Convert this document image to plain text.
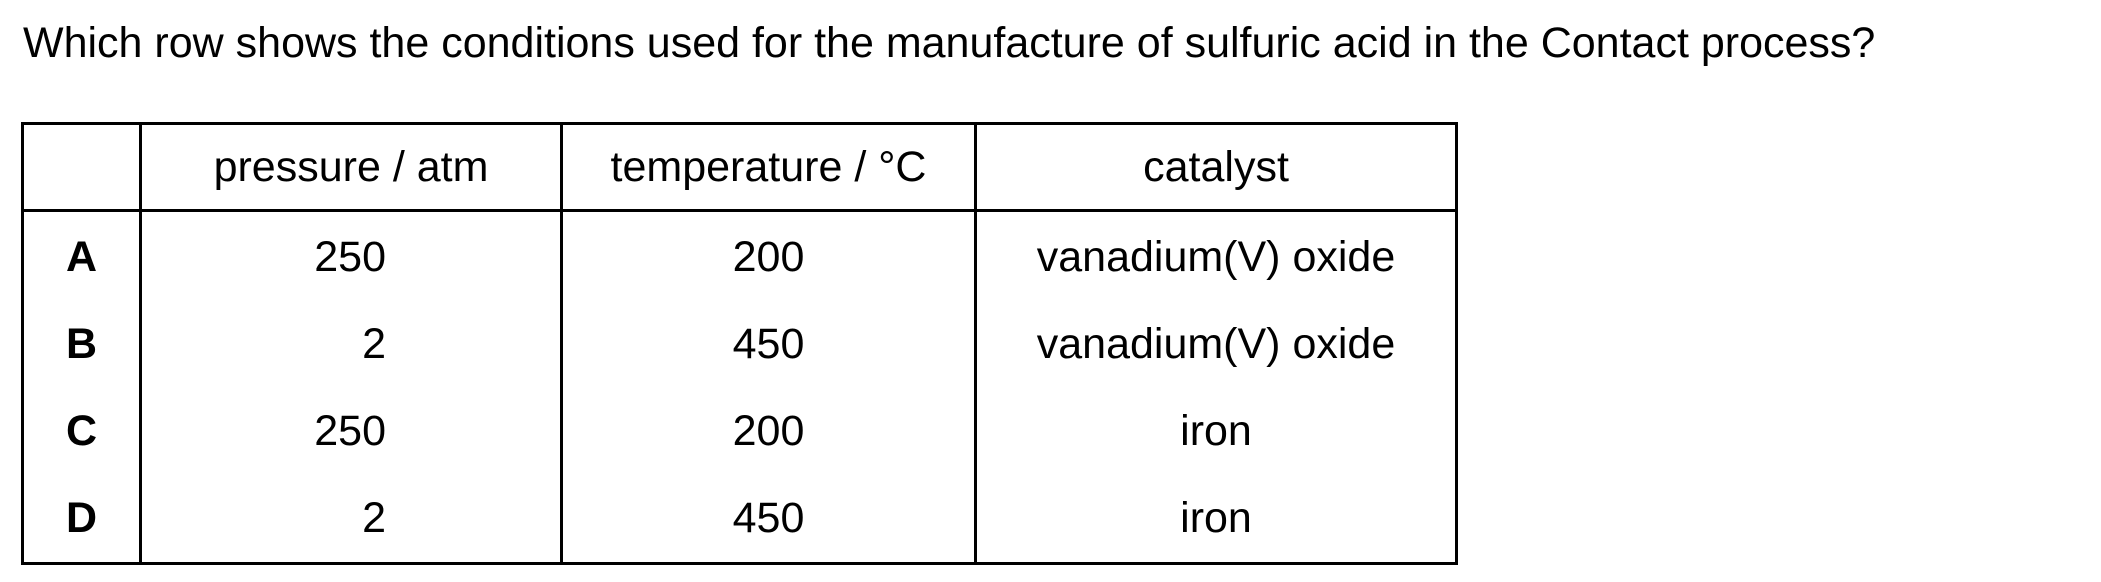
Which row shows the conditions used for the manufacture of sulfuric acid in the Contact process?
	pressure / atm	temperature / °C	catalyst
A	250	200	vanadium(V) oxide
B	2	450	vanadium(V) oxide
C	250	200	iron
D	2	450	iron
